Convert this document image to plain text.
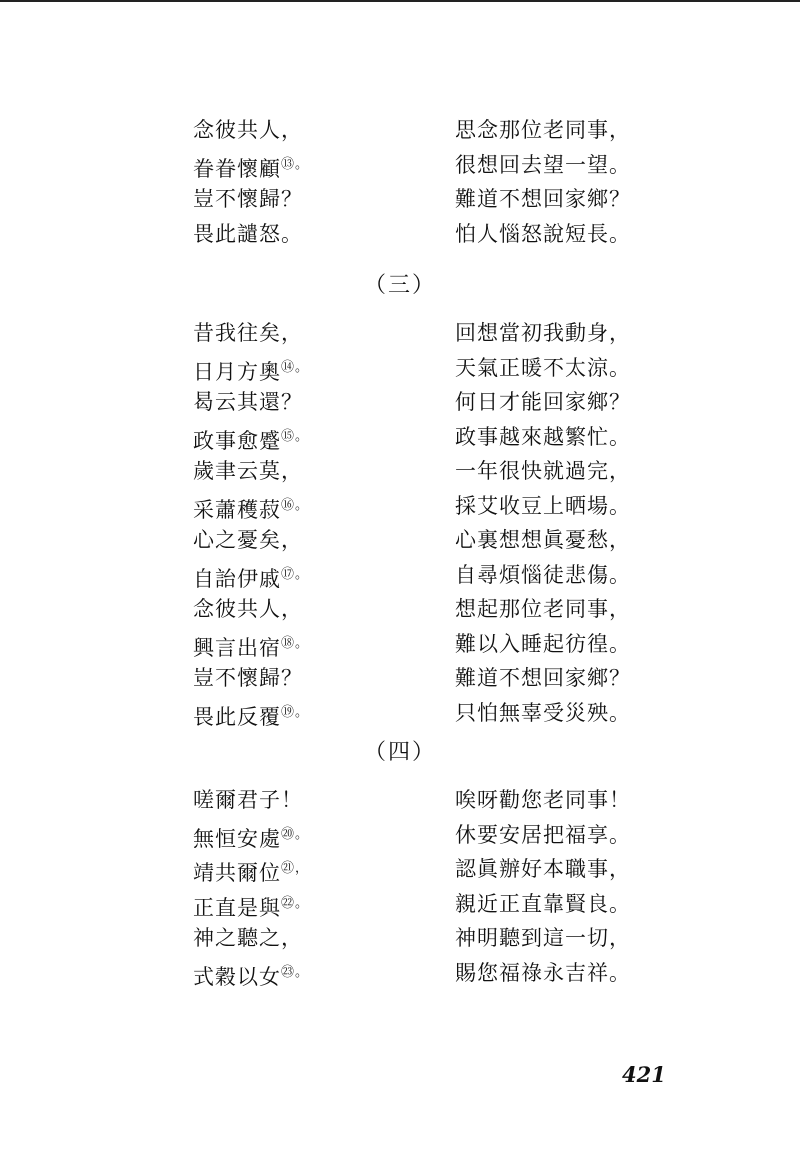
念彼共人，	思念那位老同事，
眷眷懷顧⑬。	很想回去望一望。
豈不懷歸？	難道不想回家鄉？
畏此譴怒。	怕人惱怒說短長。
（三）
昔我往矣，	回想當初我動身，
日月方奧⑭。	天氣正暖不太涼。
曷云其還？	何日才能回家鄉？
政事愈蹙⑮。	政事越來越繁忙。
歲聿云莫，	一年很快就過完，
采蕭穫菽⑯。	採艾收豆上晒場。
心之憂矣，	心裏想想眞憂愁，
自詒伊戚⑰。	自尋煩惱徒悲傷。
念彼共人，	想起那位老同事，
興言出宿⑱。	難以入睡起彷徨。
豈不懷歸？	難道不想回家鄉？
畏此反覆⑲。	只怕無辜受災殃。
（四）
嗟爾君子！	唉呀勸您老同事！
無恒安處⑳。	休要安居把福享。
靖共爾位$^{㉑,}$	認眞辦好本職事，
正直是與$^{㉒。}$	親近正直靠賢良。
神之聽之，	神明聽到這一切，
式穀以女$^{㉓。}$	賜您福祿永吉祥。
421
